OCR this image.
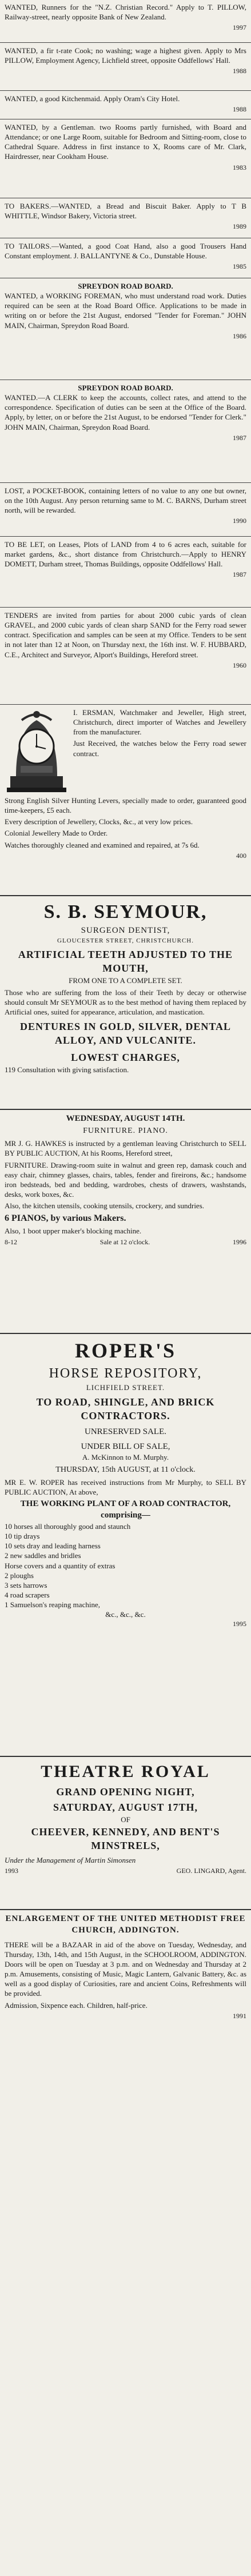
WANTED, Runners for the "N.Z. Christian Record." Apply to T. PILLOW, Railway-street, nearly opposite Bank of New Zealand.

1997

WANTED, a fir t-rate Cook; no washing; wage a highest given. Apply to Mrs PILLOW, Employment Agency, Lichfield street, opposite Oddfellows' Hall.

1988

WANTED, a good Kitchenmaid. Apply Oram's City Hotel.

1988

WANTED, by a Gentleman. two Rooms partly furnished, with Board and Attendance; or one Large Room, suitable for Bedroom and Sitting-room, close to Cathedral Square. Address in first instance to X, Rooms care of Mr. Clark, Hairdresser, near Cookham House.

1983

TO BAKERS.—WANTED, a Bread and Biscuit Baker. Apply to T B WHITTLE, Windsor Bakery, Victoria street.

1989

TO TAILORS.—Wanted, a good Coat Hand, also a good Trousers Hand Constant employment. J. BALLANTYNE & Co., Dunstable House.

1985
SPREYDON ROAD BOARD.

WANTED, a WORKING FOREMAN, who must understand road work. Duties required can be seen at the Road Board Office. Applications to be made in writing on or before the 21st August, endorsed "Tender for Foreman." JOHN MAIN, Chairman, Spreydon Road Board.

1986
SPREYDON ROAD BOARD.

WANTED.—A CLERK to keep the accounts, collect rates, and attend to the correspondence. Specification of duties can be seen at the Office of the Board. Apply, by letter, on or before the 21st August, to be endorsed "Tender for Clerk." JOHN MAIN, Chairman, Spreydon Road Board.

1987

LOST, a POCKET-BOOK, containing letters of no value to any one but owner, on the 10th August. Any person returning same to M. C. BARNS, Durham street north, will be rewarded.

1990

TO BE LET, on Leases, Plots of LAND from 4 to 6 acres each, suitable for market gardens, &c., short distance from Christchurch.—Apply to HENRY DOMETT, Durham street, Thomas Buildings, opposite Oddfellows' Hall.

1987

TENDERS are invited from parties for about 2000 cubic yards of clean GRAVEL, and 2000 cubic yards of clean sharp SAND for the Ferry road sewer contract. Specification and samples can be seen at my Office. Tenders to be sent in not later than 12 at Noon, on Thursday next, the 16th inst. W. F. HUBBARD, C.E., Architect and Surveyor, Alport's Buildings, Hereford street.

1960

I. ERSMAN, Watchmaker and Jeweller, High street, Christchurch, direct importer of Watches and Jewellery from the manufacturer.

Just Received, the watches below the Ferry road sewer contract.

Strong English Silver Hunting Levers, specially made to order, guaranteed good time-keepers, £5 each.

Every description of Jewellery, Clocks, &c., at very low prices.

Colonial Jewellery Made to Order.

Watches thoroughly cleaned and examined and repaired, at 7s 6d.

400
S. B. SEYMOUR,
SURGEON DENTIST,
GLOUCESTER STREET, CHRISTCHURCH.
ARTIFICIAL TEETH ADJUSTED TO THE MOUTH,
FROM ONE TO A COMPLETE SET.

Those who are suffering from the loss of their Teeth by decay or otherwise should consult Mr SEYMOUR as to the best method of having them replaced by Artificial ones, suited for appearance, articulation, and mastication.

DENTURES IN GOLD, SILVER, DENTAL ALLOY, AND VULCANITE.
LOWEST CHARGES,

119 Consultation with giving satisfaction.

WEDNESDAY, AUGUST 14TH.
FURNITURE. PIANO.

MR J. G. HAWKES is instructed by a gentleman leaving Christchurch to SELL BY PUBLIC AUCTION, At his Rooms, Hereford street,

FURNITURE. Drawing-room suite in walnut and green rep, damask couch and easy chair, chimney glasses, chairs, tables, fender and fireirons, &c.; handsome iron bedsteads, bed and bedding, wardrobes, chests of drawers, washstands, desks, work boxes, &c.

Also, the kitchen utensils, cooking utensils, crockery, and sundries.

6 PIANOS, by various Makers.

Also, 1 boot upper maker's blocking machine.

8-12	Sale at 12 o'clock.	1996
ROPER'S
HORSE REPOSITORY,
LICHFIELD STREET.
TO ROAD, SHINGLE, AND BRICK CONTRACTORS.
UNRESERVED SALE.
UNDER BILL OF SALE,
A. McKinnon to M. Murphy.
THURSDAY, 15th AUGUST, at 11 o'clock.

MR E. W. ROPER has received instructions from Mr Murphy, to SELL BY PUBLIC AUCTION, At above,

THE WORKING PLANT OF A ROAD CONTRACTOR, comprising—
10 horses all thoroughly good and staunch
10 tip drays
10 sets dray and leading harness
2 new saddles and bridles
Horse covers and a quantity of extras
2 ploughs
3 sets harrows
4 road scrapers
1 Samuelson's reaping machine,
&c., &c., &c.
1995
THEATRE ROYAL
GRAND OPENING NIGHT,
SATURDAY, AUGUST 17TH,
OF
CHEEVER, KENNEDY, AND BENT'S MINSTRELS,

Under the Management of Martin Simonsen

1993	GEO. LINGARD, Agent.
ENLARGEMENT OF THE UNITED METHODIST FREE CHURCH, ADDINGTON.

THERE will be a BAZAAR in aid of the above on Tuesday, Wednesday, and Thursday, 13th, 14th, and 15th August, in the SCHOOLROOM, ADDINGTON. Doors will be open on Tuesday at 3 p.m. and on Wednesday and Thursday at 2 p.m. Amusements, consisting of Music, Magic Lantern, Galvanic Battery, &c. as well as a good display of Curiosities, rare and ancient Coins, Refreshments will be provided.

Admission, Sixpence each. Children, half-price.

1991
